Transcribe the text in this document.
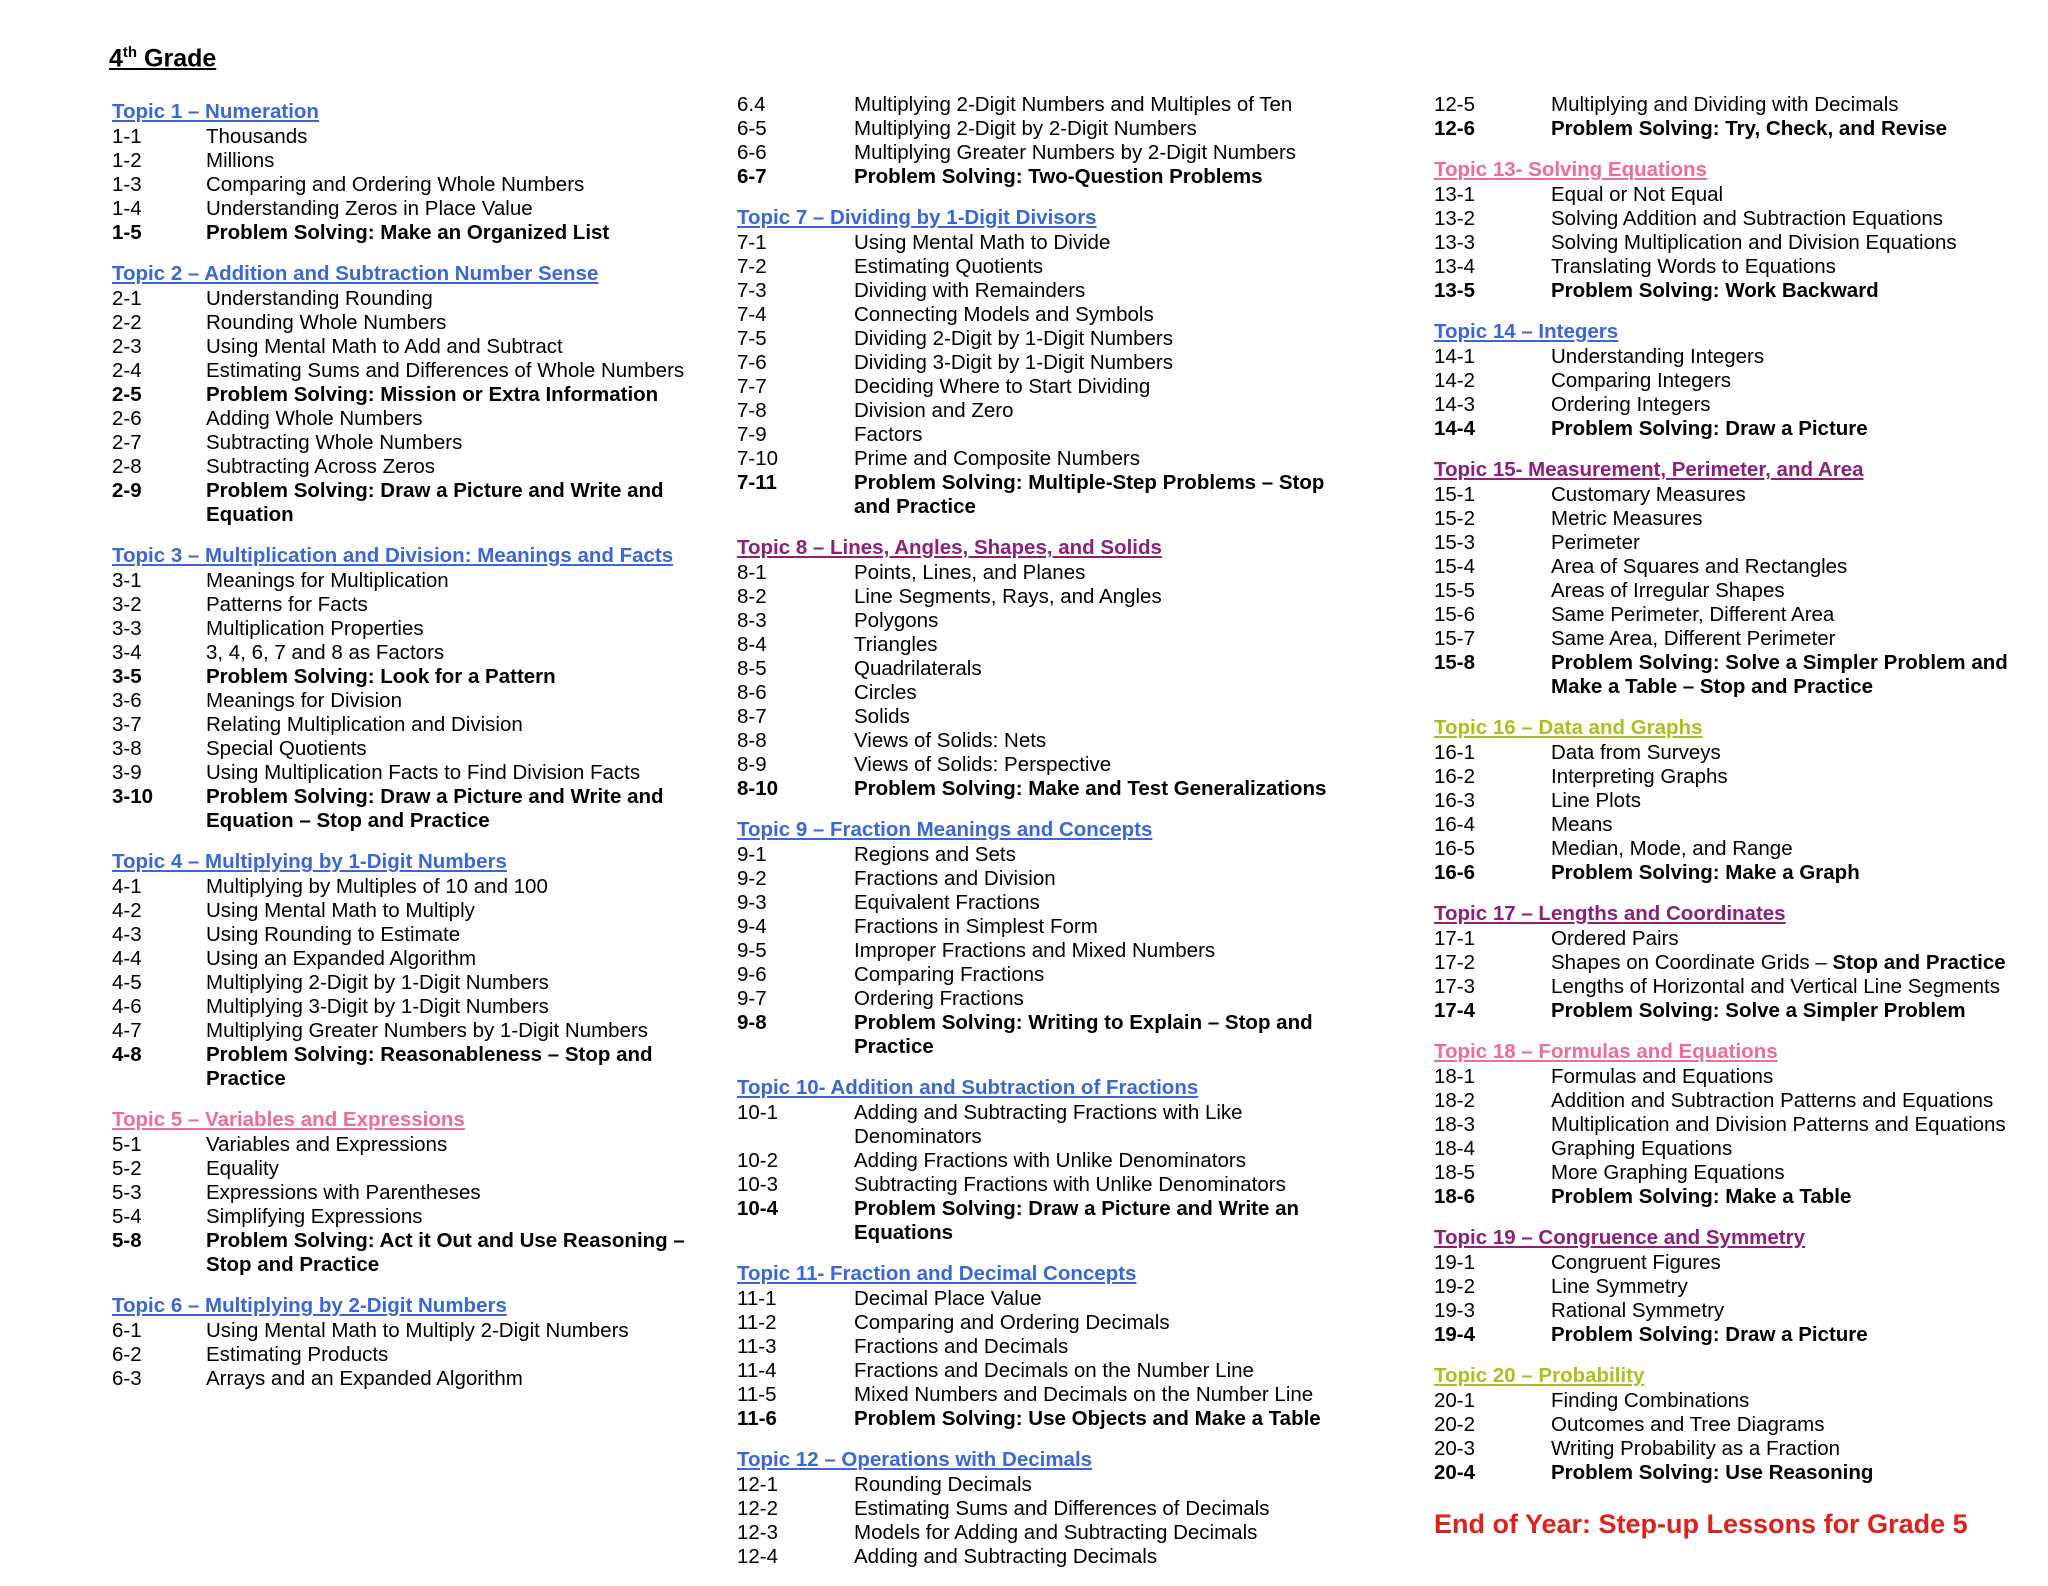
4th Grade
Topic 1 – Numeration
1-1	Thousands
1-2	Millions
1-3	Comparing and Ordering Whole Numbers
1-4	Understanding Zeros in Place Value
1-5	Problem Solving: Make an Organized List
Topic 2 – Addition and Subtraction Number Sense
2-1	Understanding Rounding
2-2	Rounding Whole Numbers
2-3	Using Mental Math to Add and Subtract
2-4	Estimating Sums and Differences of Whole Numbers
2-5	Problem Solving: Mission or Extra Information
2-6	Adding Whole Numbers
2-7	Subtracting Whole Numbers
2-8	Subtracting Across Zeros
2-9	Problem Solving: Draw a Picture and Write and Equation
Topic 3 – Multiplication and Division: Meanings and Facts
3-1	Meanings for Multiplication
3-2	Patterns for Facts
3-3	Multiplication Properties
3-4	3, 4, 6, 7 and 8 as Factors
3-5	Problem Solving: Look for a Pattern
3-6	Meanings for Division
3-7	Relating Multiplication and Division
3-8	Special Quotients
3-9	Using Multiplication Facts to Find Division Facts
3-10	Problem Solving: Draw a Picture and Write and Equation – Stop and Practice
Topic 4 – Multiplying by 1-Digit Numbers
4-1	Multiplying by Multiples of 10 and 100
4-2	Using Mental Math to Multiply
4-3	Using Rounding to Estimate
4-4	Using an Expanded Algorithm
4-5	Multiplying 2-Digit by 1-Digit Numbers
4-6	Multiplying 3-Digit by 1-Digit Numbers
4-7	Multiplying Greater Numbers by 1-Digit Numbers
4-8	Problem Solving: Reasonableness – Stop and Practice
Topic 5 – Variables and Expressions
5-1	Variables and Expressions
5-2	Equality
5-3	Expressions with Parentheses
5-4	Simplifying Expressions
5-8	Problem Solving: Act it Out and Use Reasoning – Stop and Practice
Topic 6 – Multiplying by 2-Digit Numbers
6-1	Using Mental Math to Multiply 2-Digit Numbers
6-2	Estimating Products
6-3	Arrays and an Expanded Algorithm
6.4	Multiplying 2-Digit Numbers and Multiples of Ten
6-5	Multiplying 2-Digit by 2-Digit Numbers
6-6	Multiplying Greater Numbers by 2-Digit Numbers
6-7	Problem Solving: Two-Question Problems
Topic 7 – Dividing by 1-Digit Divisors
7-1	Using Mental Math to Divide
7-2	Estimating Quotients
7-3	Dividing with Remainders
7-4	Connecting Models and Symbols
7-5	Dividing 2-Digit by 1-Digit Numbers
7-6	Dividing 3-Digit by 1-Digit Numbers
7-7	Deciding Where to Start Dividing
7-8	Division and Zero
7-9	Factors
7-10	Prime and Composite Numbers
7-11	Problem Solving: Multiple-Step Problems – Stop and Practice
Topic 8 – Lines, Angles, Shapes, and Solids
8-1	Points, Lines, and Planes
8-2	Line Segments, Rays, and Angles
8-3	Polygons
8-4	Triangles
8-5	Quadrilaterals
8-6	Circles
8-7	Solids
8-8	Views of Solids: Nets
8-9	Views of Solids: Perspective
8-10	Problem Solving: Make and Test Generalizations
Topic 9 – Fraction Meanings and Concepts
9-1	Regions and Sets
9-2	Fractions and Division
9-3	Equivalent Fractions
9-4	Fractions in Simplest Form
9-5	Improper Fractions and Mixed Numbers
9-6	Comparing Fractions
9-7	Ordering Fractions
9-8	Problem Solving: Writing to Explain – Stop and Practice
Topic 10- Addition and Subtraction of Fractions
10-1	Adding and Subtracting Fractions with Like Denominators
10-2	Adding Fractions with Unlike Denominators
10-3	Subtracting Fractions with Unlike Denominators
10-4	Problem Solving: Draw a Picture and Write an Equations
Topic 11- Fraction and Decimal Concepts
11-1	Decimal Place Value
11-2	Comparing and Ordering Decimals
11-3	Fractions and Decimals
11-4	Fractions and Decimals on the Number Line
11-5	Mixed Numbers and Decimals on the Number Line
11-6	Problem Solving: Use Objects and Make a Table
Topic 12 – Operations with Decimals
12-1	Rounding Decimals
12-2	Estimating Sums and Differences of Decimals
12-3	Models for Adding and Subtracting Decimals
12-4	Adding and Subtracting Decimals
12-5	Multiplying and Dividing with Decimals
12-6	Problem Solving: Try, Check, and Revise
Topic 13- Solving Equations
13-1	Equal or Not Equal
13-2	Solving Addition and Subtraction Equations
13-3	Solving Multiplication and Division Equations
13-4	Translating Words to Equations
13-5	Problem Solving: Work Backward
Topic 14 – Integers
14-1	Understanding Integers
14-2	Comparing Integers
14-3	Ordering Integers
14-4	Problem Solving: Draw a Picture
Topic 15- Measurement, Perimeter, and Area
15-1	Customary Measures
15-2	Metric Measures
15-3	Perimeter
15-4	Area of Squares and Rectangles
15-5	Areas of Irregular Shapes
15-6	Same Perimeter, Different Area
15-7	Same Area, Different Perimeter
15-8	Problem Solving: Solve a Simpler Problem and Make a Table – Stop and Practice
Topic 16 – Data and Graphs
16-1	Data from Surveys
16-2	Interpreting Graphs
16-3	Line Plots
16-4	Means
16-5	Median, Mode, and Range
16-6	Problem Solving: Make a Graph
Topic 17 – Lengths and Coordinates
17-1	Ordered Pairs
17-2	Shapes on Coordinate Grids – Stop and Practice
17-3	Lengths of Horizontal and Vertical Line Segments
17-4	Problem Solving: Solve a Simpler Problem
Topic 18 – Formulas and Equations
18-1	Formulas and Equations
18-2	Addition and Subtraction Patterns and Equations
18-3	Multiplication and Division Patterns and Equations
18-4	Graphing Equations
18-5	More Graphing Equations
18-6	Problem Solving: Make a Table
Topic 19 – Congruence and Symmetry
19-1	Congruent Figures
19-2	Line Symmetry
19-3	Rational Symmetry
19-4	Problem Solving: Draw a Picture
Topic 20 – Probability
20-1	Finding Combinations
20-2	Outcomes and Tree Diagrams
20-3	Writing Probability as a Fraction
20-4	Problem Solving: Use Reasoning
End of Year: Step-up Lessons for Grade 5
